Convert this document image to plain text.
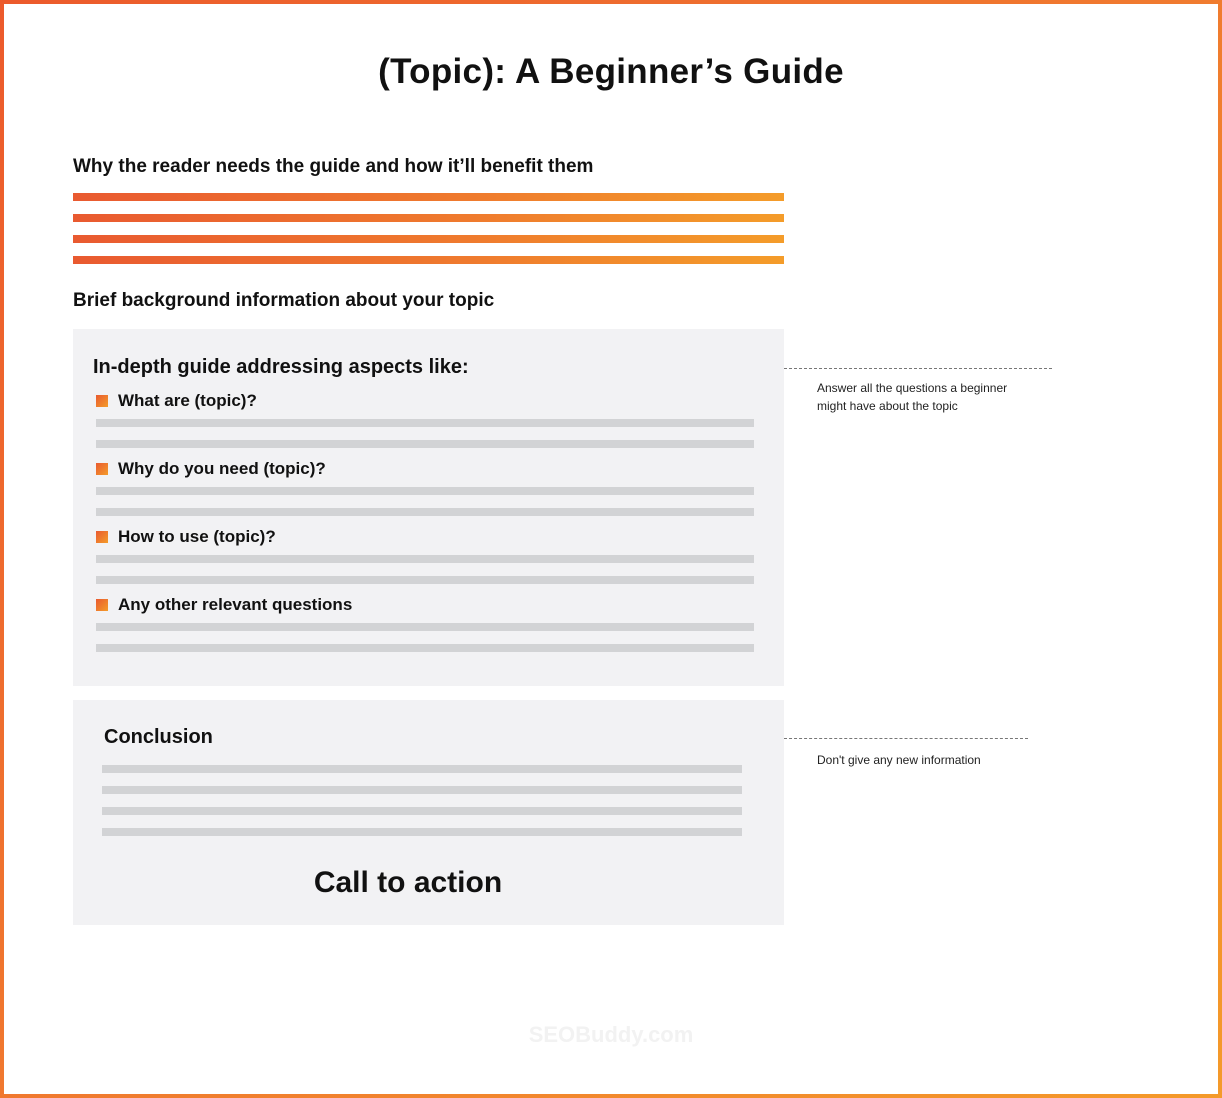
(Topic): A Beginner’s Guide
Why the reader needs the guide and how it’ll benefit them
Brief background information about your topic
In-depth guide addressing aspects like:
What are (topic)?
Why do you need (topic)?
How to use (topic)?
Any other relevant questions
Answer all the questions a beginner
might have about the topic
Conclusion
Call to action
Don't give any new information
SEOBuddy.com
